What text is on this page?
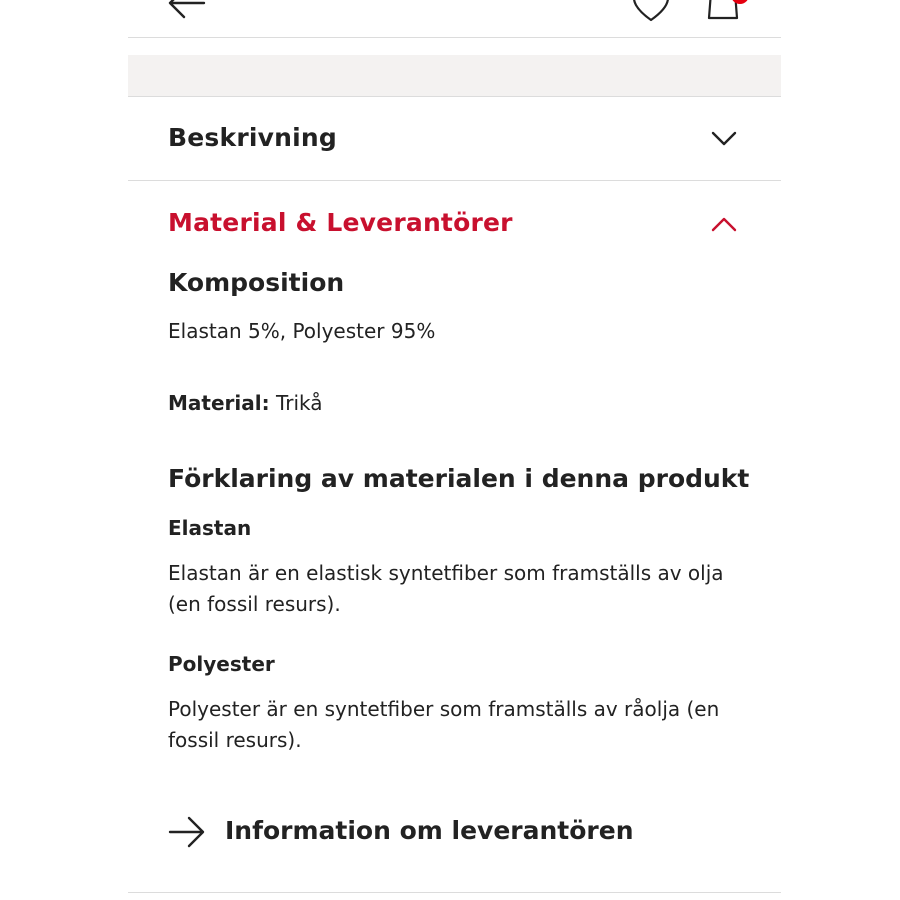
Beskrivning
Material & Leverantörer
Komposition
Elastan 5%, Polyester 95%
Material: Trikå
Förklaring av materialen i denna produkt
Elastan
Elastan är en elastisk syntetfiber som framställs av olja (en fossil resurs).
Polyester
Polyester är en syntetfiber som framställs av råolja (en fossil resurs).
Information om leverantören
